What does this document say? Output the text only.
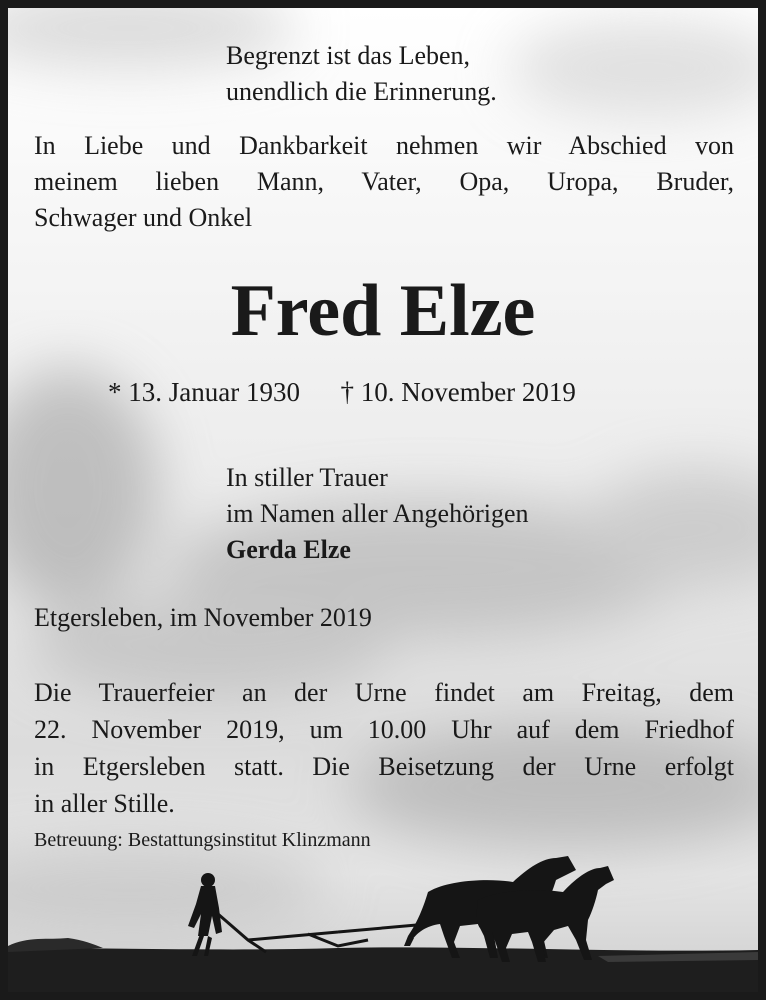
Begrenzt ist das Leben,
unendlich die Erinnerung.
In Liebe und Dankbarkeit nehmen wir Abschied von
meinem lieben Mann, Vater, Opa, Uropa, Bruder,
Schwager und Onkel
Fred Elze
* 13. Januar 1930 † 10. November 2019
In stiller Trauer
im Namen aller Angehörigen
Gerda Elze
Etgersleben, im November 2019
Die Trauerfeier an der Urne findet am Freitag, dem
22. November 2019, um 10.00 Uhr auf dem Friedhof
in Etgersleben statt. Die Beisetzung der Urne erfolgt
in aller Stille.
Betreuung: Bestattungsinstitut Klinzmann
